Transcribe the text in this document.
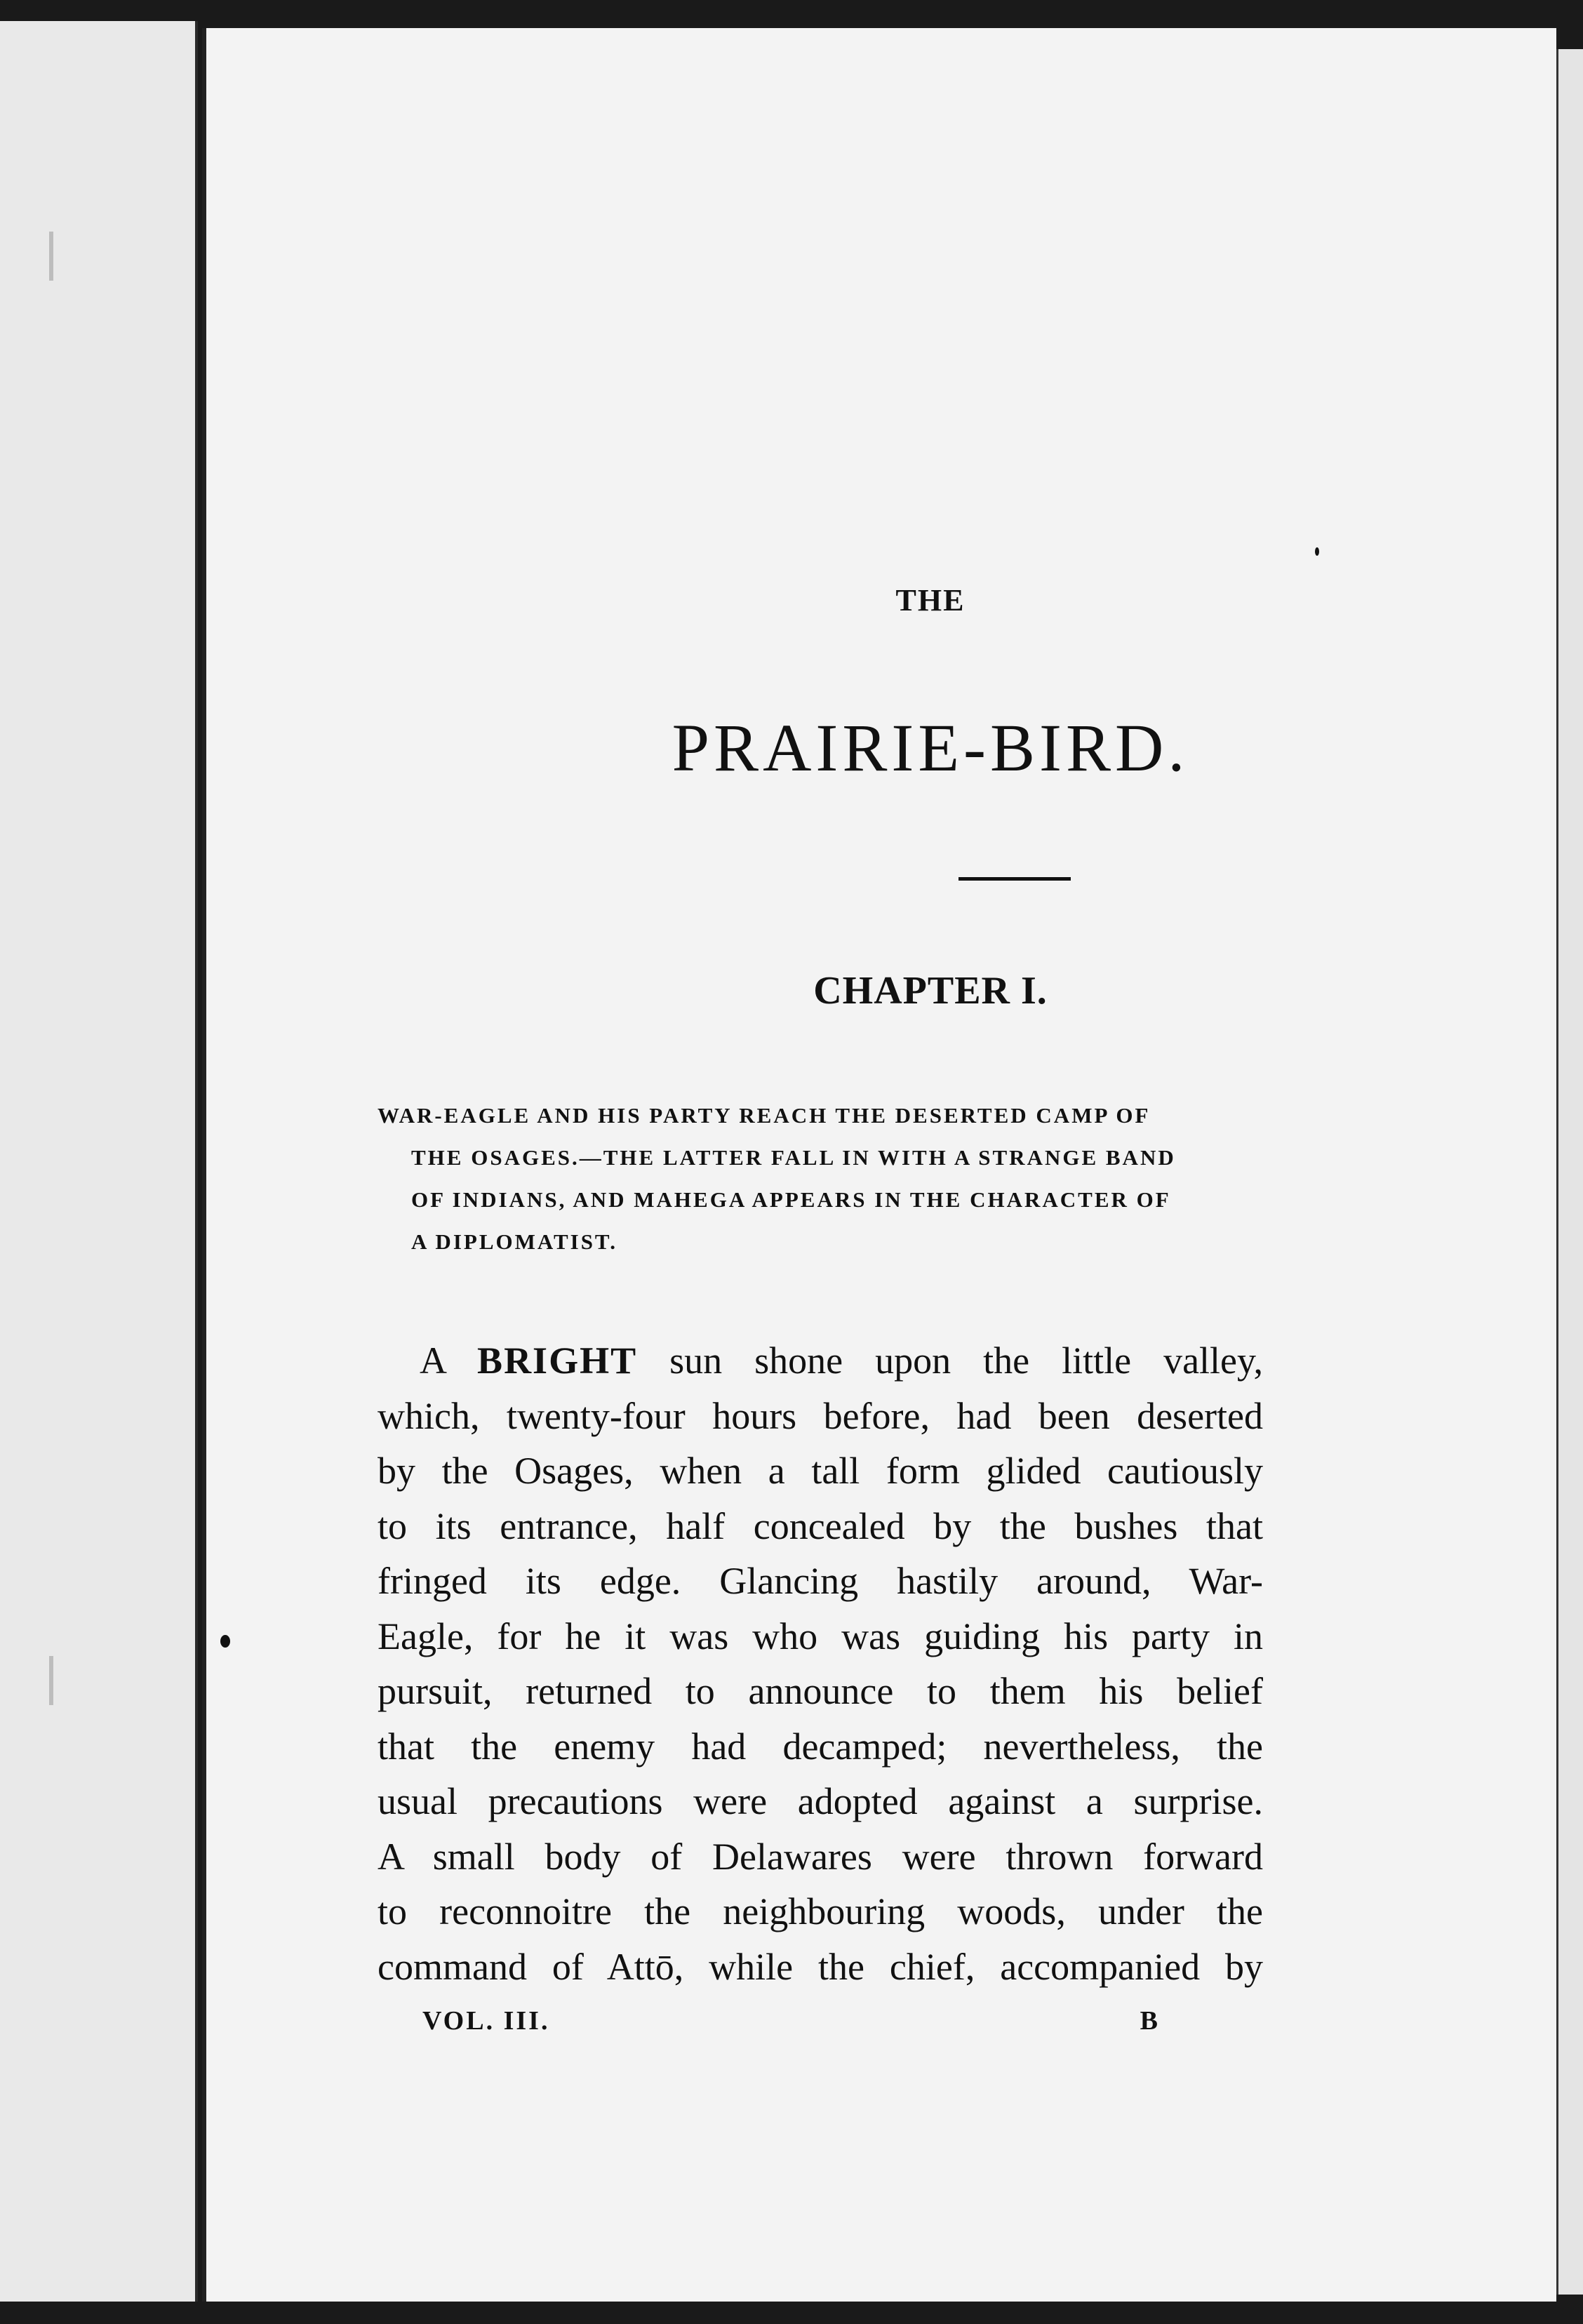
THE
PRAIRIE-BIRD.
CHAPTER I.
WAR-EAGLE AND HIS PARTY REACH THE DESERTED CAMP OF
THE OSAGES.—THE LATTER FALL IN WITH A STRANGE BAND
OF INDIANS, AND MAHEGA APPEARS IN THE CHARACTER OF
A DIPLOMATIST.
A BRIGHT sun shone upon the little valley,
which, twenty-four hours before, had been deserted
by the Osages, when a tall form glided cautiously
to its entrance, half concealed by the bushes that
fringed its edge. Glancing hastily around, War-
Eagle, for he it was who was guiding his party in
pursuit, returned to announce to them his belief
that the enemy had decamped; nevertheless, the
usual precautions were adopted against a surprise.
A small body of Delawares were thrown forward
to reconnoitre the neighbouring woods, under the
command of Attō, while the chief, accompanied by
VOL. III.	B
